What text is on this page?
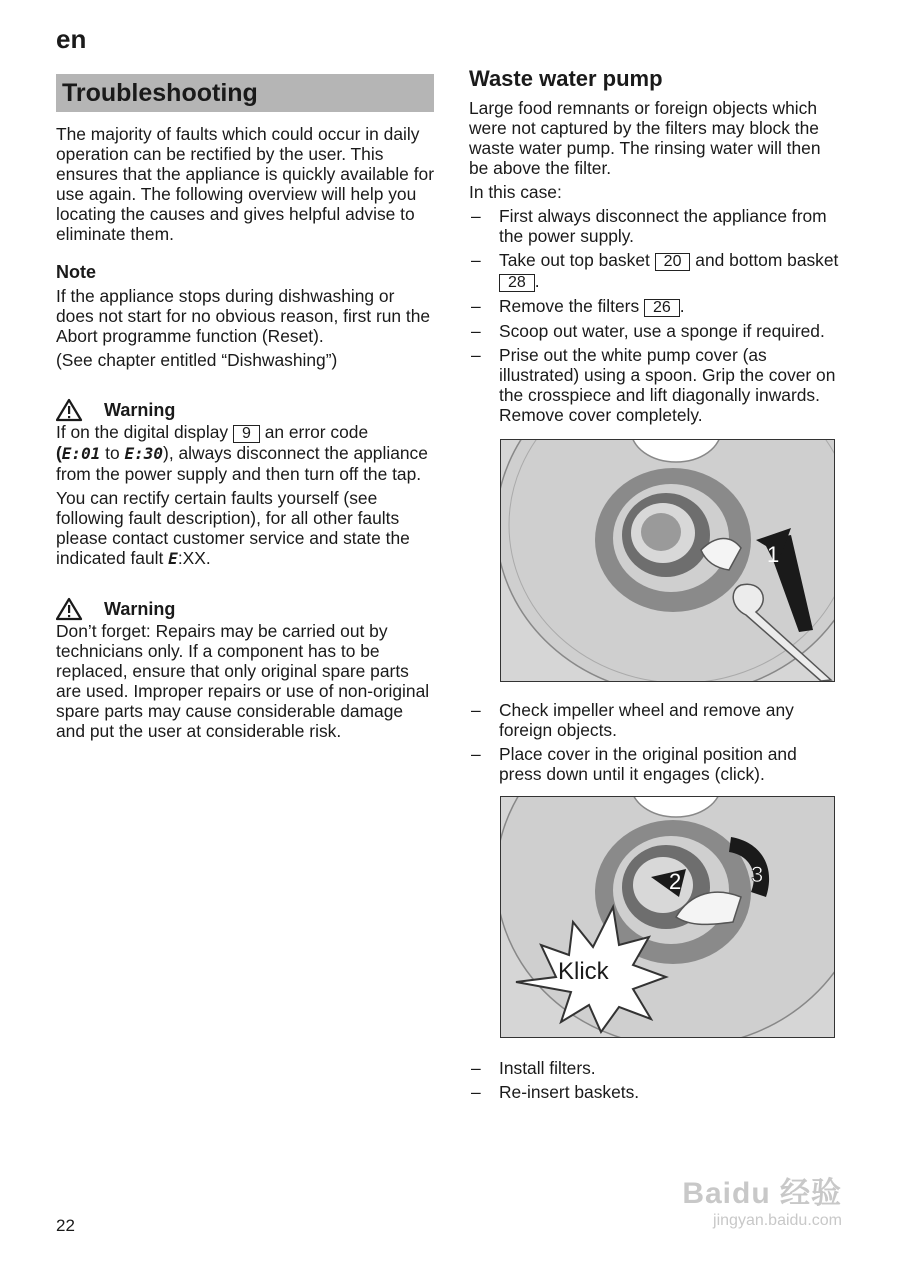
en
Troubleshooting

The majority of faults which could occur in daily operation can be rectified by the user. This ensures that the appliance is quickly available for use again. The following overview will help you locating the causes and gives helpful advise to eliminate them.

Note

If the appliance stops during dishwashing or does not start for no obvious reason, first run the Abort programme function (Reset).

(See chapter entitled “Dishwashing”)

Warning

If on the digital display 9 an error code
(E:01 to E:30), always disconnect the appliance from the power supply and then turn off the tap.

You can rectify certain faults yourself (see following fault description), for all other faults please contact customer service and state the indicated fault E:XX.

Warning

Don’t forget: Repairs may be carried out by technicians only. If a component has to be replaced, ensure that only original spare parts are used. Improper repairs or use of non-original spare parts may cause considerable damage and put the user at considerable risk.

Waste water pump

Large food remnants or foreign objects which were not captured by the filters may block the waste water pump. The rinsing water will then be above the filter.

In this case:

– First always disconnect the appliance from the power supply.
– Take out top basket 20 and bottom basket 28 .
– Remove the filters 26 .
– Scoop out water, use a sponge if required.
– Prise out the white pump cover (as illustrated) using a spoon. Grip the cover on the crosspiece and lift diagonally inwards. Remove cover completely.
1
– Check impeller wheel and remove any foreign objects.
– Place cover in the original position and press down until it engages (click).
2	3
Klick
– Install filters.
– Re-insert baskets.
22
Baidu 经验
jingyan.baidu.com
